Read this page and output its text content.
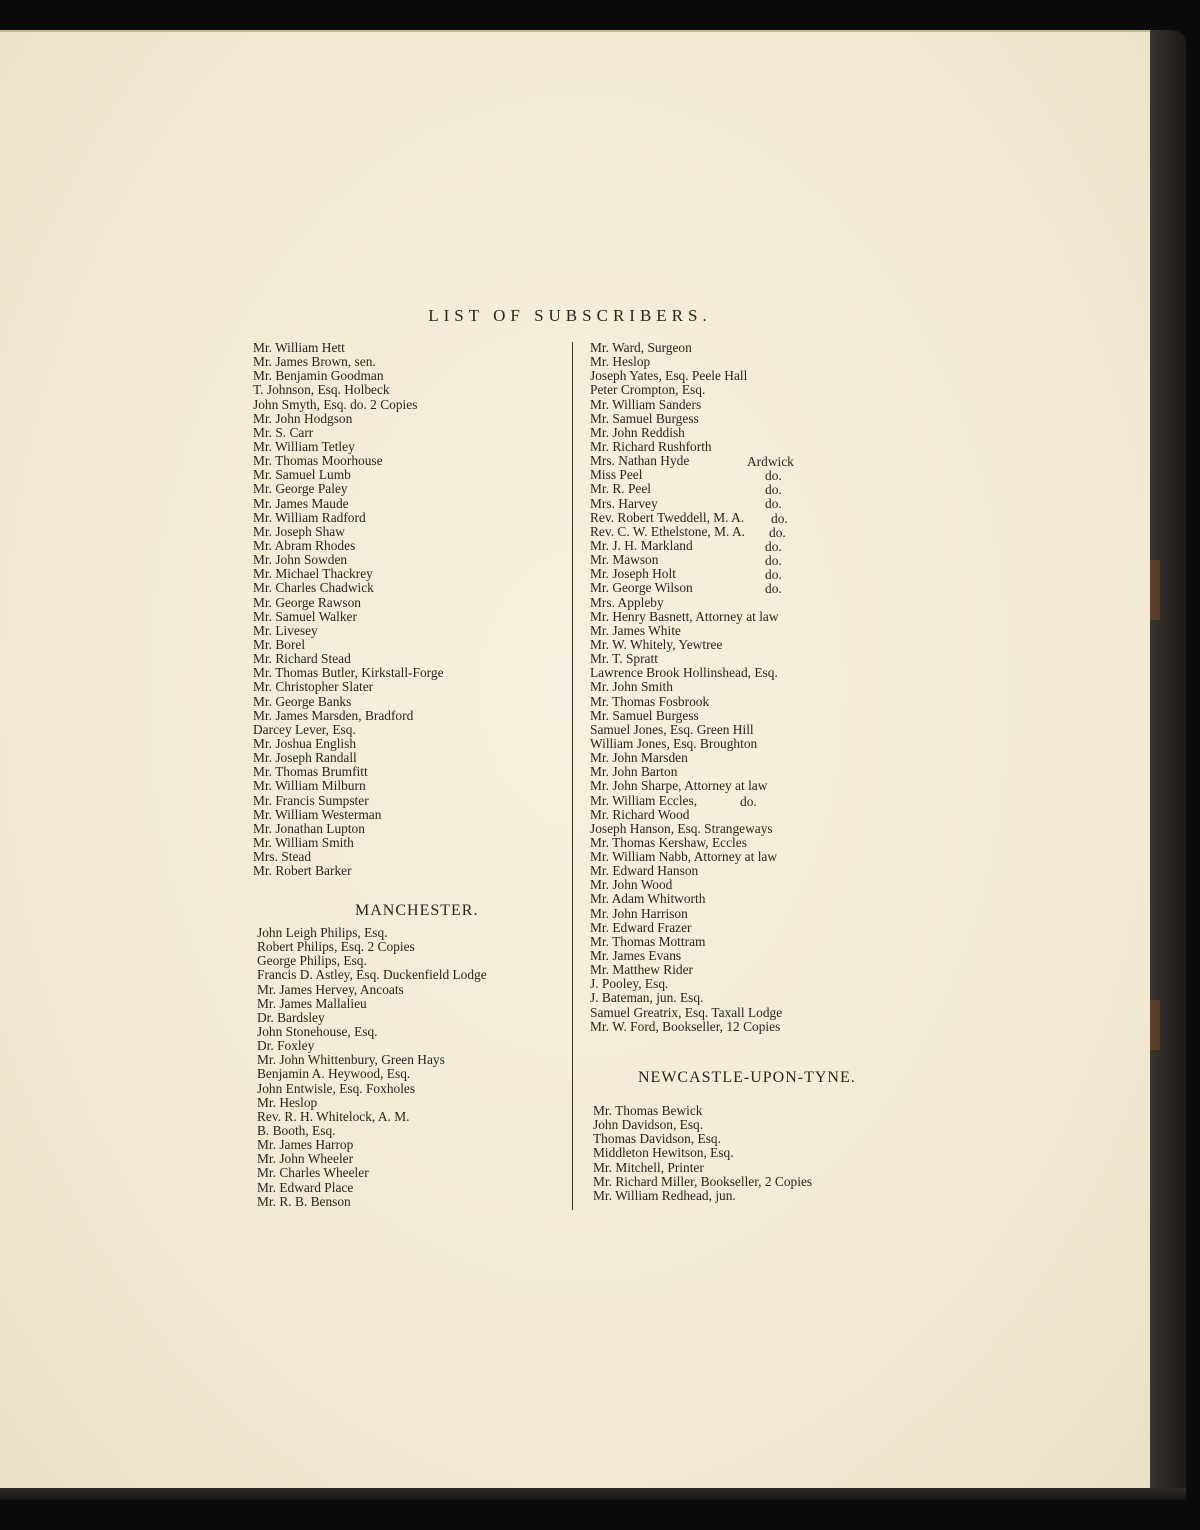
LIST OF SUBSCRIBERS.
Mr. William Hett
Mr. James Brown, sen.
Mr. Benjamin Goodman
T. Johnson, Esq. Holbeck
John Smyth, Esq. do. 2 Copies
Mr. John Hodgson
Mr. S. Carr
Mr. William Tetley
Mr. Thomas Moorhouse
Mr. Samuel Lumb
Mr. George Paley
Mr. James Maude
Mr. William Radford
Mr. Joseph Shaw
Mr. Abram Rhodes
Mr. John Sowden
Mr. Michael Thackrey
Mr. Charles Chadwick
Mr. George Rawson
Mr. Samuel Walker
Mr. Livesey
Mr. Borel
Mr. Richard Stead
Mr. Thomas Butler, Kirkstall-Forge
Mr. Christopher Slater
Mr. George Banks
Mr. James Marsden, Bradford
Darcey Lever, Esq.
Mr. Joshua English
Mr. Joseph Randall
Mr. Thomas Brumfitt
Mr. William Milburn
Mr. Francis Sumpster
Mr. William Westerman
Mr. Jonathan Lupton
Mr. William Smith
Mrs. Stead
Mr. Robert Barker
MANCHESTER.
John Leigh Philips, Esq.
Robert Philips, Esq. 2 Copies
George Philips, Esq.
Francis D. Astley, Esq. Duckenfield Lodge
Mr. James Hervey, Ancoats
Mr. James Mallalieu
Dr. Bardsley
John Stonehouse, Esq.
Dr. Foxley
Mr. John Whittenbury, Green Hays
Benjamin A. Heywood, Esq.
John Entwisle, Esq. Foxholes
Mr. Heslop
Rev. R. H. Whitelock, A. M.
B. Booth, Esq.
Mr. James Harrop
Mr. John Wheeler
Mr. Charles Wheeler
Mr. Edward Place
Mr. R. B. Benson
Mr. Ward, Surgeon
Mr. Heslop
Joseph Yates, Esq. Peele Hall
Peter Crompton, Esq.
Mr. William Sanders
Mr. Samuel Burgess
Mr. John Reddish
Mr. Richard Rushforth
Mrs. Nathan Hyde
Miss Peel
Mr. R. Peel
Mrs. Harvey
Rev. Robert Tweddell, M. A.
Rev. C. W. Ethelstone, M. A.
Mr. J. H. Markland
Mr. Mawson
Mr. Joseph Holt
Mr. George Wilson
Mrs. Appleby
Mr. Henry Basnett, Attorney at law
Mr. James White
Mr. W. Whitely, Yewtree
Mr. T. Spratt
Lawrence Brook Hollinshead, Esq.
Mr. John Smith
Mr. Thomas Fosbrook
Mr. Samuel Burgess
Samuel Jones, Esq. Green Hill
William Jones, Esq. Broughton
Mr. John Marsden
Mr. John Barton
Mr. John Sharpe, Attorney at law
Mr. William Eccles,
Mr. Richard Wood
Joseph Hanson, Esq. Strangeways
Mr. Thomas Kershaw, Eccles
Mr. William Nabb, Attorney at law
Mr. Edward Hanson
Mr. John Wood
Mr. Adam Whitworth
Mr. John Harrison
Mr. Edward Frazer
Mr. Thomas Mottram
Mr. James Evans
Mr. Matthew Rider
J. Pooley, Esq.
J. Bateman, jun. Esq.
Samuel Greatrix, Esq. Taxall Lodge
Mr. W. Ford, Bookseller, 12 Copies
Ardwick
do.
do.
do.
do.
do.
do.
do.
do.
do.
do.
NEWCASTLE-UPON-TYNE.
Mr. Thomas Bewick
John Davidson, Esq.
Thomas Davidson, Esq.
Middleton Hewitson, Esq.
Mr. Mitchell, Printer
Mr. Richard Miller, Bookseller, 2 Copies
Mr. William Redhead, jun.
